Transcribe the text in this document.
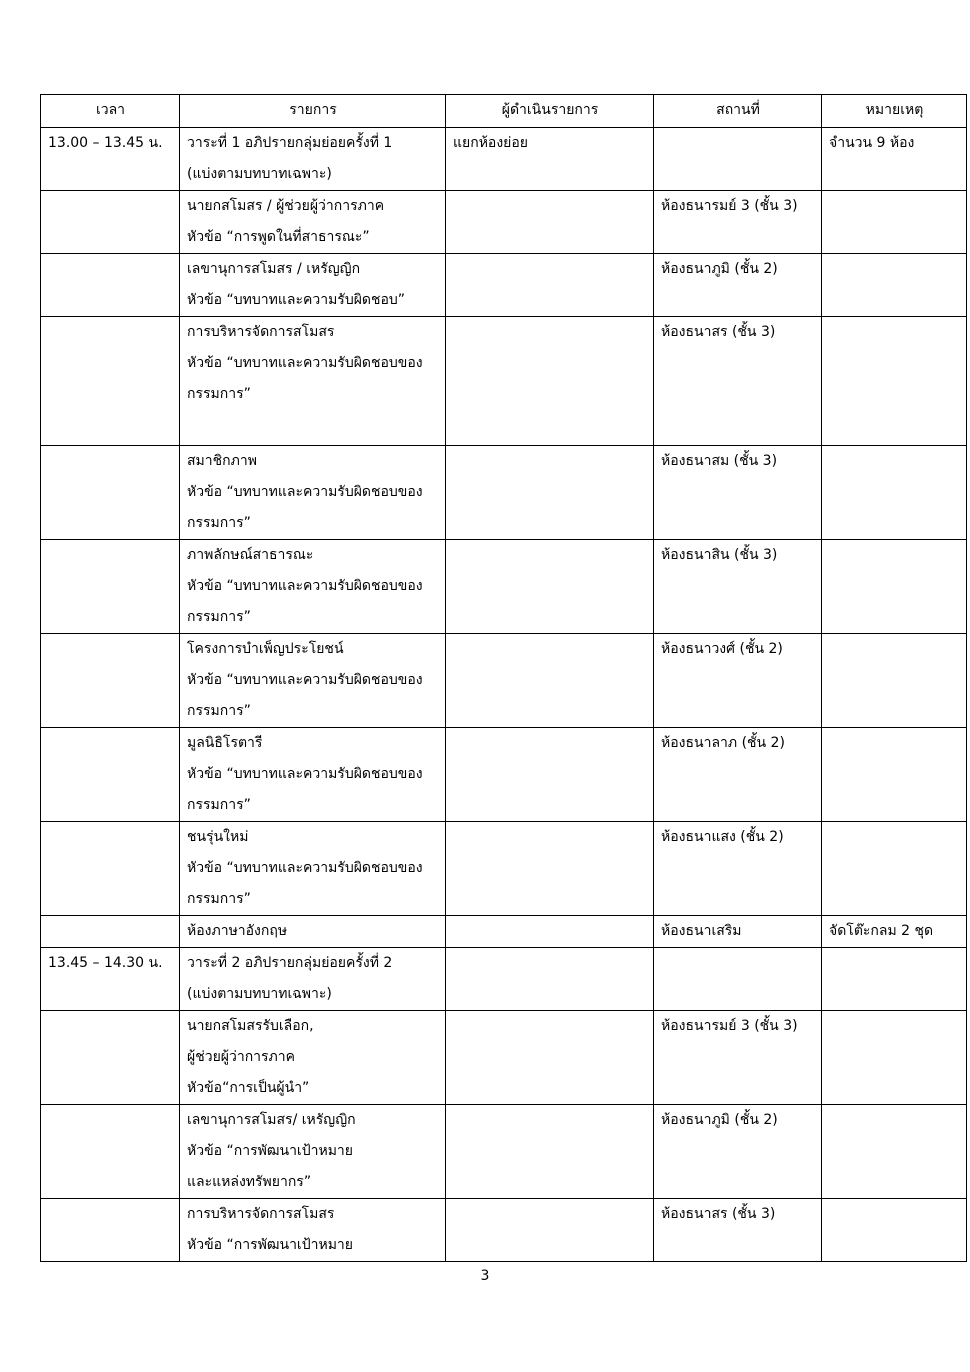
เวลา	รายการ	ผู้ดำเนินรายการ	สถานที่	หมายเหตุ
13.00 – 13.45 น.	วาระที่ 1 อภิปรายกลุ่มย่อยครั้งที่ 1
(แบ่งตามบทบาทเฉพาะ)	แยกห้องย่อย		จำนวน 9 ห้อง

	นายกสโมสร / ผู้ช่วยผู้ว่าการภาค
หัวข้อ “การพูดในที่สาธารณะ”		ห้องธนารมย์ 3 (ชั้น 3)	

	เลขานุการสโมสร / เหรัญญิก
หัวข้อ “บทบาทและความรับผิดชอบ”		ห้องธนาภูมิ (ชั้น 2)	

	การบริหารจัดการสโมสร
หัวข้อ “บทบาทและความรับผิดชอบของ
กรรมการ”		ห้องธนาสร (ชั้น 3)	

	สมาชิกภาพ
หัวข้อ “บทบาทและความรับผิดชอบของ
กรรมการ”		ห้องธนาสม (ชั้น 3)	

	ภาพลักษณ์สาธารณะ
หัวข้อ “บทบาทและความรับผิดชอบของ
กรรมการ”		ห้องธนาสิน (ชั้น 3)	

	โครงการบำเพ็ญประโยชน์
หัวข้อ “บทบาทและความรับผิดชอบของ
กรรมการ”		ห้องธนาวงศ์ (ชั้น 2)	

	มูลนิธิโรตารี
หัวข้อ “บทบาทและความรับผิดชอบของ
กรรมการ”		ห้องธนาลาภ (ชั้น 2)	

	ชนรุ่นใหม่
หัวข้อ “บทบาทและความรับผิดชอบของ
กรรมการ”		ห้องธนาแสง (ชั้น 2)	

	ห้องภาษาอังกฤษ		ห้องธนาเสริม	จัดโต๊ะกลม 2 ชุด
13.45 – 14.30 น.	วาระที่ 2 อภิปรายกลุ่มย่อยครั้งที่ 2
(แบ่งตามบทบาทเฉพาะ)			

	นายกสโมสรรับเลือก,
ผู้ช่วยผู้ว่าการภาค
หัวข้อ“การเป็นผู้นำ”		ห้องธนารมย์ 3 (ชั้น 3)	

	เลขานุการสโมสร/ เหรัญญิก
หัวข้อ “การพัฒนาเป้าหมาย
และแหล่งทรัพยากร”		ห้องธนาภูมิ (ชั้น 2)	

	การบริหารจัดการสโมสร
หัวข้อ “การพัฒนาเป้าหมาย		ห้องธนาสร (ชั้น 3)	
3
